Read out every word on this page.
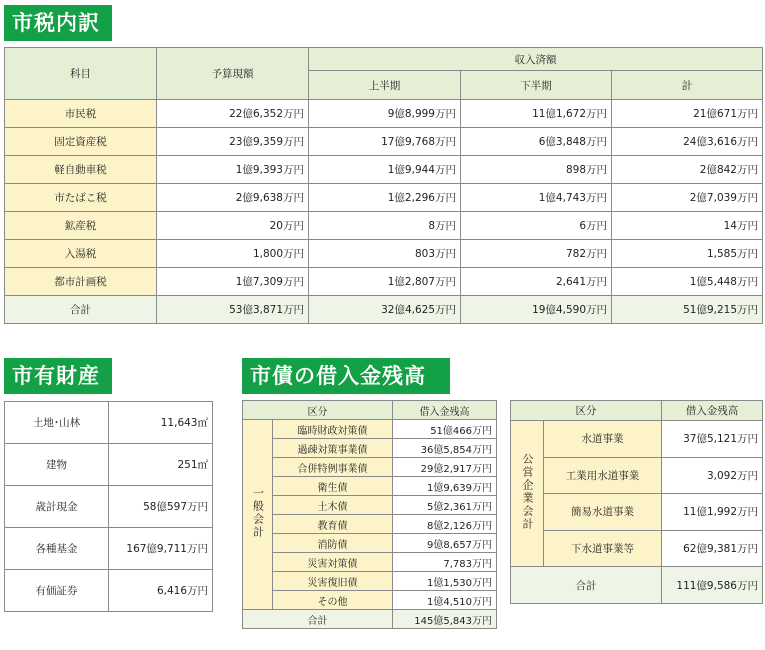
市税内訳
科目	予算現額	収入済額		
		上半期	下半期	計
市民税	22億6,352万円	9億8,999万円	11億1,672万円	21億671万円
固定資産税	23億9,359万円	17億9,768万円	6億3,848万円	24億3,616万円
軽自動車税	1億9,393万円	1億9,944万円	898万円	2億842万円
市たばこ税	2億9,638万円	1億2,296万円	1億4,743万円	2億7,039万円
鉱産税	20万円	8万円	6万円	14万円
入湯税	1,800万円	803万円	782万円	1,585万円
都市計画税	1億7,309万円	1億2,807万円	2,641万円	1億5,448万円
合計	53億3,871万円	32億4,625万円	19億4,590万円	51億9,215万円
市有財産
土地･山林	11,643㎡
建物	251㎡
歳計現金	58億597万円
各種基金	167億9,711万円
有価証券	6,416万円
市債の借入金残高
区分		借入金残高
一般会計	臨時財政対策債	51億466万円
	過疎対策事業債	36億5,854万円
	合併特例事業債	29億2,917万円
	衛生債	1億9,639万円
	土木債	5億2,361万円
	教育債	8億2,126万円
	消防債	9億8,657万円
	災害対策債	7,783万円
	災害復旧債	1億1,530万円
	その他	1億4,510万円
合計		145億5,843万円
区分		借入金残高
公営企業会計	水道事業	37億5,121万円
	工業用水道事業	3,092万円
	簡易水道事業	11億1,992万円
	下水道事業等	62億9,381万円
合計		111億9,586万円
